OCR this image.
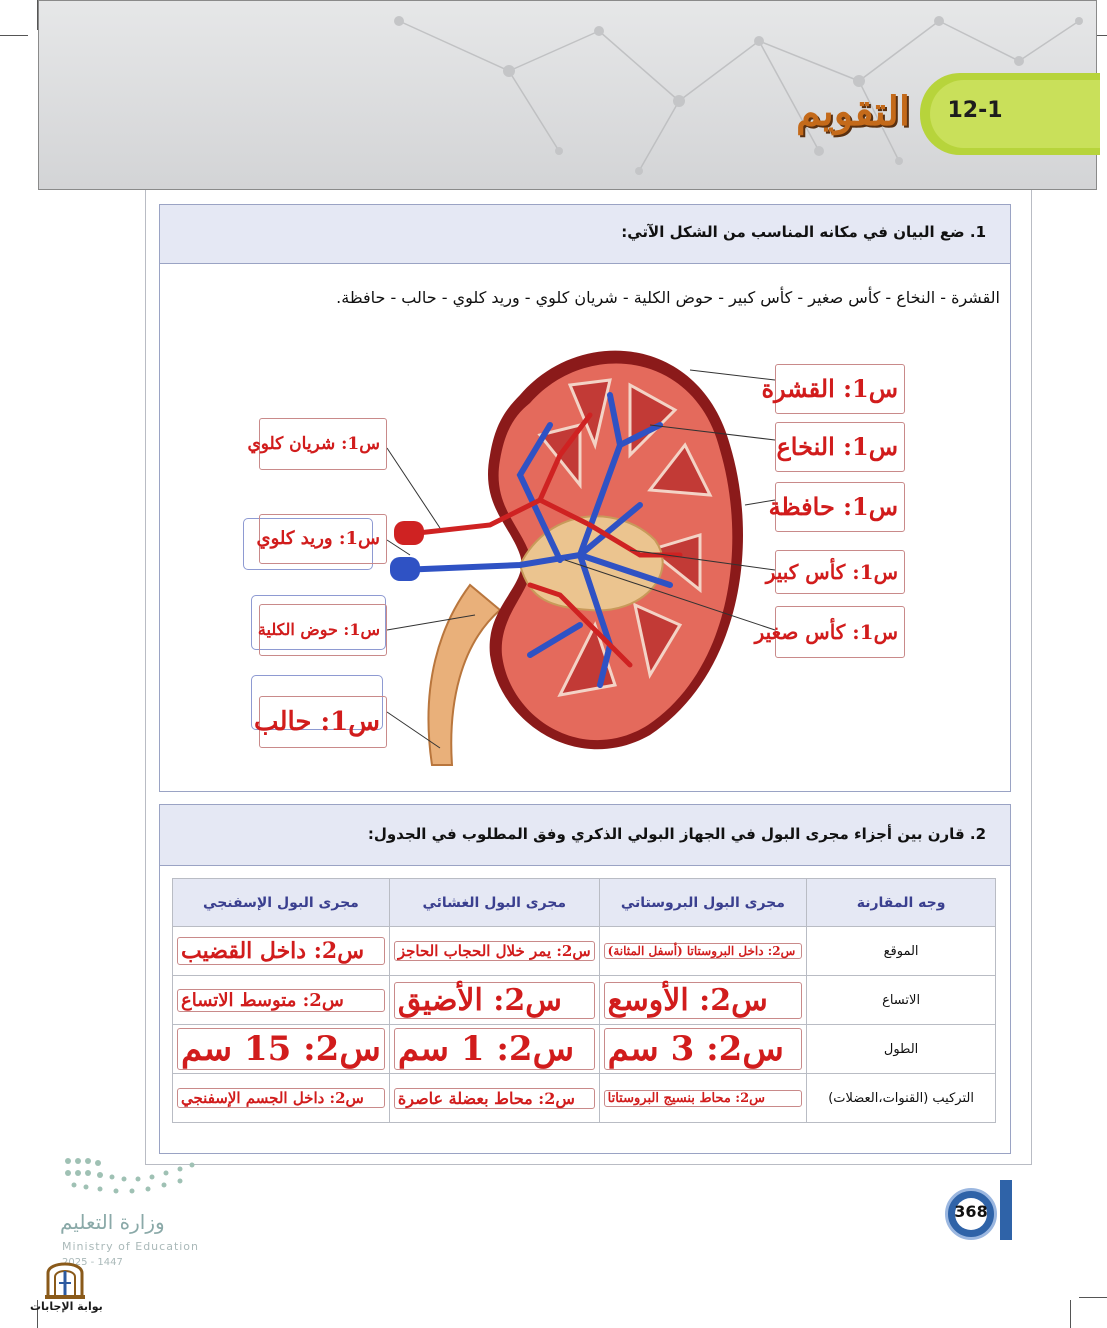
12-1
التقويم
1. ضع البيان في مكانه المناسب من الشكل الآتي:
القشرة - النخاع - كأس صغير - كأس كبير - حوض الكلية - شريان كلوي - وريد كلوي - حالب - حافظة.
س1: القشرة
س1: النخاع
س1: حافظة
س1: كأس كبير
س1: كأس صغير
س1: شريان كلوي
س1: وريد كلوي
س1: حوض الكلية
س1: حالب
2. قارن بين أجزاء مجرى البول في الجهاز البولي الذكري وفق المطلوب في الجدول:
وجه المقارنة	مجرى البول البروستاتي	مجرى البول الغشائي	مجرى البول الإسفنجي
الموقع	س2: داخل البروستاتا (أسفل المثانة)	س2: يمر خلال الحجاب الحاجز	س2: داخل القضيب

الاتساع	س2: الأوسع	س2: الأضيق	س2: متوسط الاتساع

الطول	س2: 3 سم	س2: 1 سم	س2: 15 سم

التركيب (القنوات،العضلات)	س2: محاط بنسيج البروستاتا	س2: محاط بعضلة عاصرة	س2: داخل الجسم الإسفنجي
368
وزارة التعليم
Ministry of Education
2025 - 1447
بوابة الإجابات
